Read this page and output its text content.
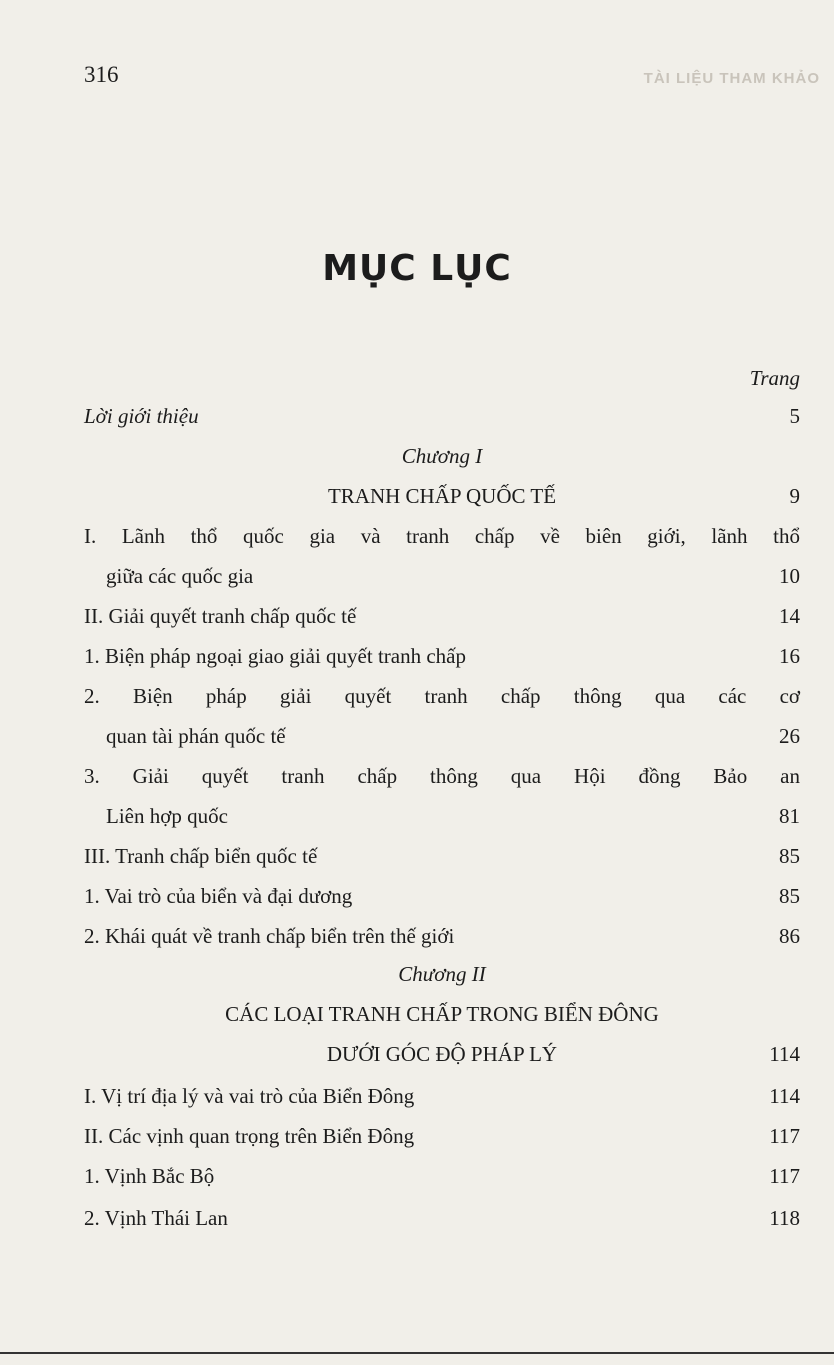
316	TÀI LIỆU THAM KHẢO
MỤC LỤC
Trang
Lời giới thiệu	5
Chương I
TRANH CHẤP QUỐC TẾ	9
I. Lãnh thổ quốc gia và tranh chấp về biên giới, lãnh thổ
giữa các quốc gia	10
II. Giải quyết tranh chấp quốc tế	14
1. Biện pháp ngoại giao giải quyết tranh chấp	16
2. Biện pháp giải quyết tranh chấp thông qua các cơ
quan tài phán quốc tế	26
3. Giải quyết tranh chấp thông qua Hội đồng Bảo an
Liên hợp quốc	81
III. Tranh chấp biển quốc tế	85
1. Vai trò của biển và đại dương	85
2. Khái quát về tranh chấp biển trên thế giới	86
Chương II
CÁC LOẠI TRANH CHẤP TRONG BIỂN ĐÔNG
DƯỚI GÓC ĐỘ PHÁP LÝ	114
I. Vị trí địa lý và vai trò của Biển Đông	114
II. Các vịnh quan trọng trên Biển Đông	117
1. Vịnh Bắc Bộ	117
2. Vịnh Thái Lan	118
